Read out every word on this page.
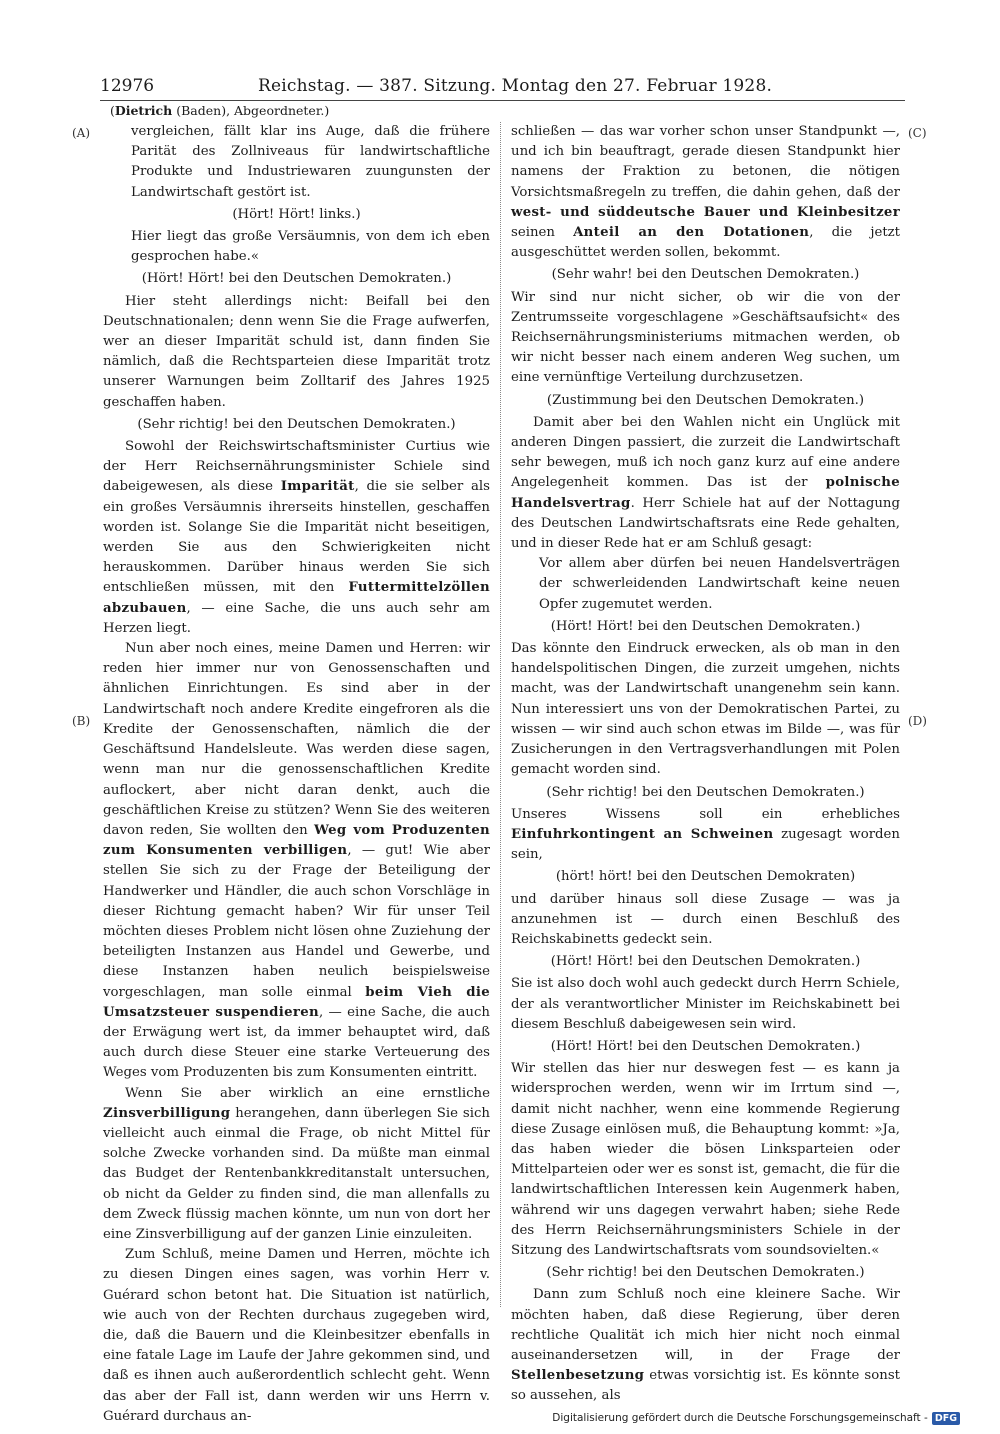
12976	Reichstag. — 387. Sitzung. Montag den 27. Februar 1928.
(Dietrich (Baden), Abgeordneter.)
(A)
(B)
(C)
(D)

vergleichen, fällt klar ins Auge, daß die frühere Parität des Zollniveaus für landwirtschaftliche Produkte und Industriewaren zuungunsten der Landwirtschaft gestört ist.

(Hört! Hört! links.)

Hier liegt das große Versäumnis, von dem ich eben gesprochen habe.«

(Hört! Hört! bei den Deutschen Demokraten.)

Hier steht allerdings nicht: Beifall bei den Deutschnationalen; denn wenn Sie die Frage aufwerfen, wer an dieser Imparität schuld ist, dann finden Sie nämlich, daß die Rechtsparteien diese Imparität trotz unserer Warnungen beim Zolltarif des Jahres 1925 geschaffen haben.

(Sehr richtig! bei den Deutschen Demokraten.)

Sowohl der Reichswirtschaftsminister Curtius wie der Herr Reichsernährungsminister Schiele sind dabeigewesen, als diese Imparität, die sie selber als ein großes Versäumnis ihrerseits hinstellen, geschaffen worden ist. Solange Sie die Imparität nicht beseitigen, werden Sie aus den Schwierigkeiten nicht herauskommen. Darüber hinaus werden Sie sich entschließen müssen, mit den Futtermittelzöllen abzubauen, — eine Sache, die uns auch sehr am Herzen liegt.

Nun aber noch eines, meine Damen und Herren: wir reden hier immer nur von Genossenschaften und ähnlichen Einrichtungen. Es sind aber in der Landwirtschaft noch andere Kredite eingefroren als die Kredite der Genossenschaften, nämlich die der Geschäftsund Handelsleute. Was werden diese sagen, wenn man nur die genossenschaftlichen Kredite auflockert, aber nicht daran denkt, auch die geschäftlichen Kreise zu stützen? Wenn Sie des weiteren davon reden, Sie wollten den Weg vom Produzenten zum Konsumenten verbilligen, — gut! Wie aber stellen Sie sich zu der Frage der Beteiligung der Handwerker und Händler, die auch schon Vorschläge in dieser Richtung gemacht haben? Wir für unser Teil möchten dieses Problem nicht lösen ohne Zuziehung der beteiligten Instanzen aus Handel und Gewerbe, und diese Instanzen haben neulich beispielsweise vorgeschlagen, man solle einmal beim Vieh die Umsatzsteuer suspendieren, — eine Sache, die auch der Erwägung wert ist, da immer behauptet wird, daß auch durch diese Steuer eine starke Verteuerung des Weges vom Produzenten bis zum Konsumenten eintritt.

Wenn Sie aber wirklich an eine ernstliche Zinsverbilligung herangehen, dann überlegen Sie sich vielleicht auch einmal die Frage, ob nicht Mittel für solche Zwecke vorhanden sind. Da müßte man einmal das Budget der Rentenbankkreditanstalt untersuchen, ob nicht da Gelder zu finden sind, die man allenfalls zu dem Zweck flüssig machen könnte, um nun von dort her eine Zinsverbilligung auf der ganzen Linie einzuleiten.

Zum Schluß, meine Damen und Herren, möchte ich zu diesen Dingen eines sagen, was vorhin Herr v. Guérard schon betont hat. Die Situation ist natürlich, wie auch von der Rechten durchaus zugegeben wird, die, daß die Bauern und die Kleinbesitzer ebenfalls in eine fatale Lage im Laufe der Jahre gekommen sind, und daß es ihnen auch außerordentlich schlecht geht. Wenn das aber der Fall ist, dann werden wir uns Herrn v. Guérard durchaus an-

schließen — das war vorher schon unser Standpunkt —, und ich bin beauftragt, gerade diesen Standpunkt hier namens der Fraktion zu betonen, die nötigen Vorsichtsmaßregeln zu treffen, die dahin gehen, daß der west- und süddeutsche Bauer und Kleinbesitzer seinen Anteil an den Dotationen, die jetzt ausgeschüttet werden sollen, bekommt.

(Sehr wahr! bei den Deutschen Demokraten.)

Wir sind nur nicht sicher, ob wir die von der Zentrumsseite vorgeschlagene »Geschäftsaufsicht« des Reichsernährungsministeriums mitmachen werden, ob wir nicht besser nach einem anderen Weg suchen, um eine vernünftige Verteilung durchzusetzen.

(Zustimmung bei den Deutschen Demokraten.)

Damit aber bei den Wahlen nicht ein Unglück mit anderen Dingen passiert, die zurzeit die Landwirtschaft sehr bewegen, muß ich noch ganz kurz auf eine andere Angelegenheit kommen. Das ist der polnische Handelsvertrag. Herr Schiele hat auf der Nottagung des Deutschen Landwirtschaftsrats eine Rede gehalten, und in dieser Rede hat er am Schluß gesagt:

Vor allem aber dürfen bei neuen Handelsverträgen der schwerleidenden Landwirtschaft keine neuen Opfer zugemutet werden.

(Hört! Hört! bei den Deutschen Demokraten.)

Das könnte den Eindruck erwecken, als ob man in den handelspolitischen Dingen, die zurzeit umgehen, nichts macht, was der Landwirtschaft unangenehm sein kann. Nun interessiert uns von der Demokratischen Partei, zu wissen — wir sind auch schon etwas im Bilde —, was für Zusicherungen in den Vertragsverhandlungen mit Polen gemacht worden sind.

(Sehr richtig! bei den Deutschen Demokraten.)

Unseres Wissens soll ein erhebliches Einfuhrkontingent an Schweinen zugesagt worden sein,

(hört! hört! bei den Deutschen Demokraten)

und darüber hinaus soll diese Zusage — was ja anzunehmen ist — durch einen Beschluß des Reichskabinetts gedeckt sein.

(Hört! Hört! bei den Deutschen Demokraten.)

Sie ist also doch wohl auch gedeckt durch Herrn Schiele, der als verantwortlicher Minister im Reichskabinett bei diesem Beschluß dabeigewesen sein wird.

(Hört! Hört! bei den Deutschen Demokraten.)

Wir stellen das hier nur deswegen fest — es kann ja widersprochen werden, wenn wir im Irrtum sind —, damit nicht nachher, wenn eine kommende Regierung diese Zusage einlösen muß, die Behauptung kommt: »Ja, das haben wieder die bösen Linksparteien oder Mittelparteien oder wer es sonst ist, gemacht, die für die landwirtschaftlichen Interessen kein Augenmerk haben, während wir uns dagegen verwahrt haben; siehe Rede des Herrn Reichsernährungsministers Schiele in der Sitzung des Landwirtschaftsrats vom soundsovielten.«

(Sehr richtig! bei den Deutschen Demokraten.)

Dann zum Schluß noch eine kleinere Sache. Wir möchten haben, daß diese Regierung, über deren rechtliche Qualität ich mich hier nicht noch einmal auseinandersetzen will, in der Frage der Stellenbesetzung etwas vorsichtig ist. Es könnte sonst so aussehen, als

Digitalisierung gefördert durch die Deutsche Forschungsgemeinschaft - DFG
